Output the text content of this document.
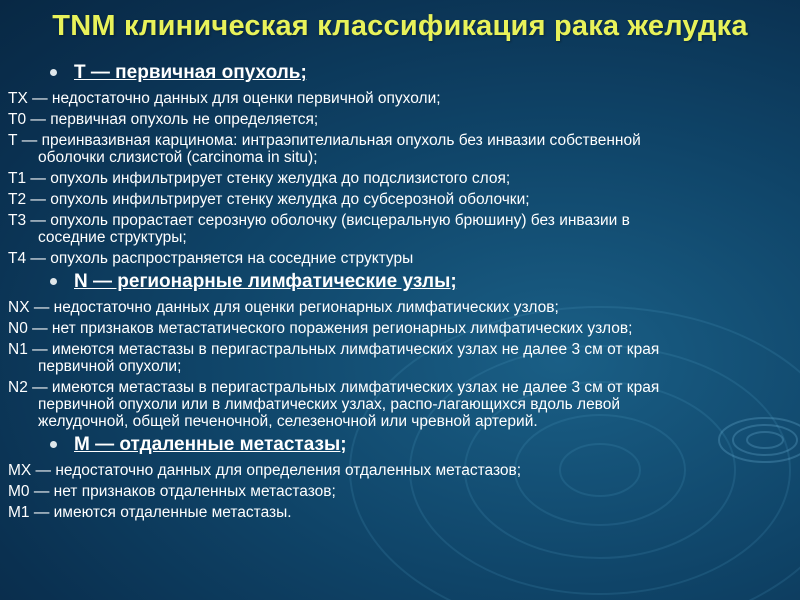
TNM клиническая классификация рака желудка
Т — первичная опухоль;
ТХ — недостаточно данных для оценки первичной опухоли;
Т0 — первичная опухоль не определяется;
Т — преинвазивная карцинома: интраэпителиальная опухоль без инвазии собственной
оболочки слизистой (carcinoma in situ);
Т1 — опухоль инфильтрирует стенку желудка до подслизистого слоя;
Т2 — опухоль инфильтрирует стенку желудка до субсерозной оболочки;
Т3 — опухоль прорастает серозную оболочку (висцеральную брюшину) без инвазии в
соседние структуры;
Т4 — опухоль распространяется на соседние структуры
N — регионарные лимфатические узлы;
NХ — недостаточно данных для оценки регионарных лимфатических узлов;
N0 — нет признаков метастатического поражения регионарных лимфатических узлов;
N1 — имеются метастазы в перигастральных лимфатических узлах не далее 3 см от края
первичной опухоли;
N2 — имеются метастазы в перигастральных лимфатических узлах не далее 3 см от края
первичной опухоли или в лимфатических узлах, распо-лагающихся вдоль левой
желудочной, общей печеночной, селезеночной или чревной артерий.
М — отдаленные метастазы;
МХ — недостаточно данных для определения отдаленных метастазов;
М0 — нет признаков отдаленных метастазов;
М1 — имеются отдаленные метастазы.
